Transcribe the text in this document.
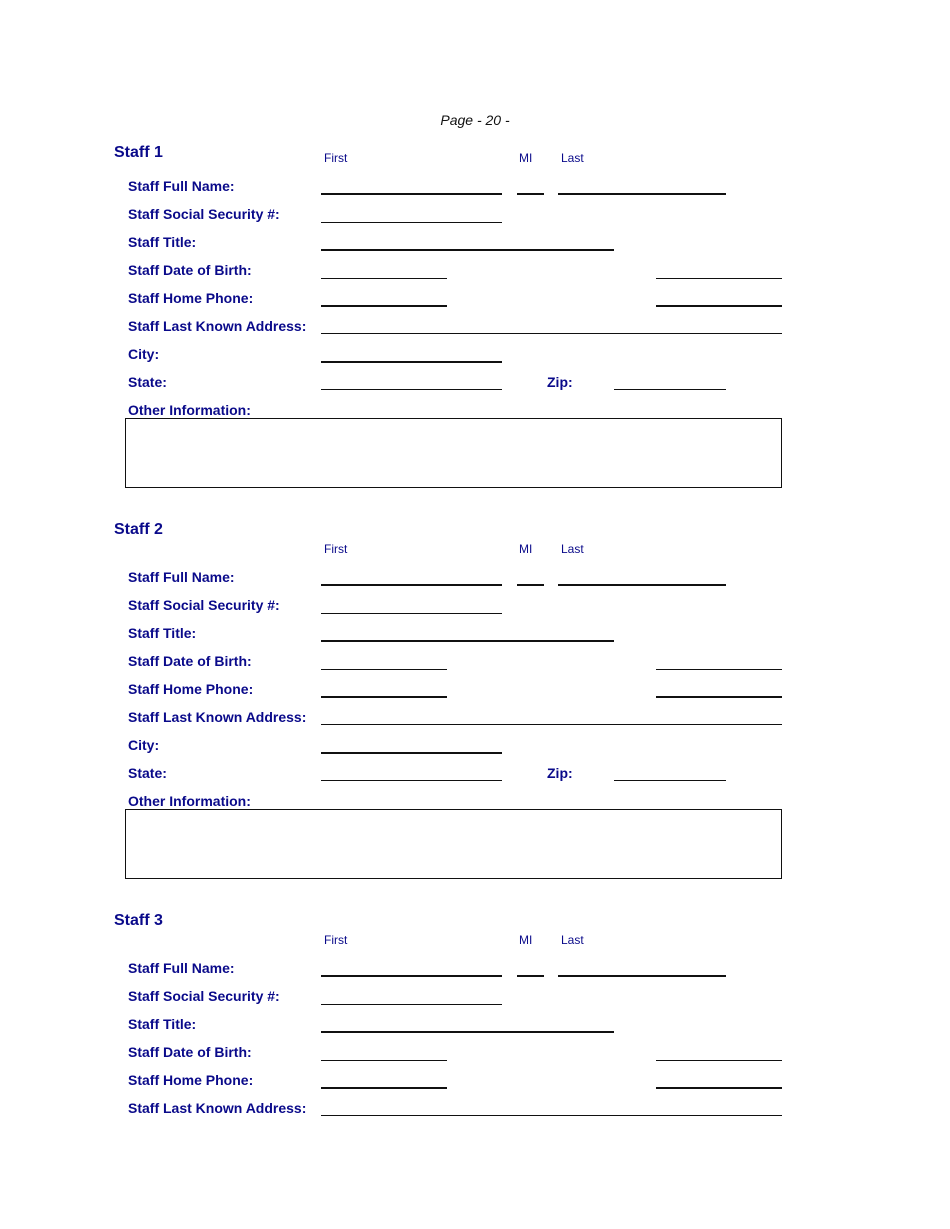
Page - 20 -
Staff 1	First	MI Last
Staff Full Name:
Staff Social Security #:
Staff Title:
Staff Date of Birth:
Staff Home Phone:
Staff Last Known Address:
City:
State:	Zip:
Other Information:
Staff 2
First	MI Last
Staff Full Name:
Staff Social Security #:
Staff Title:
Staff Date of Birth:
Staff Home Phone:
Staff Last Known Address:
City:
State:	Zip:
Other Information:
Staff 3
First	MI Last
Staff Full Name:
Staff Social Security #:
Staff Title:
Staff Date of Birth:
Staff Home Phone:
Staff Last Known Address:
